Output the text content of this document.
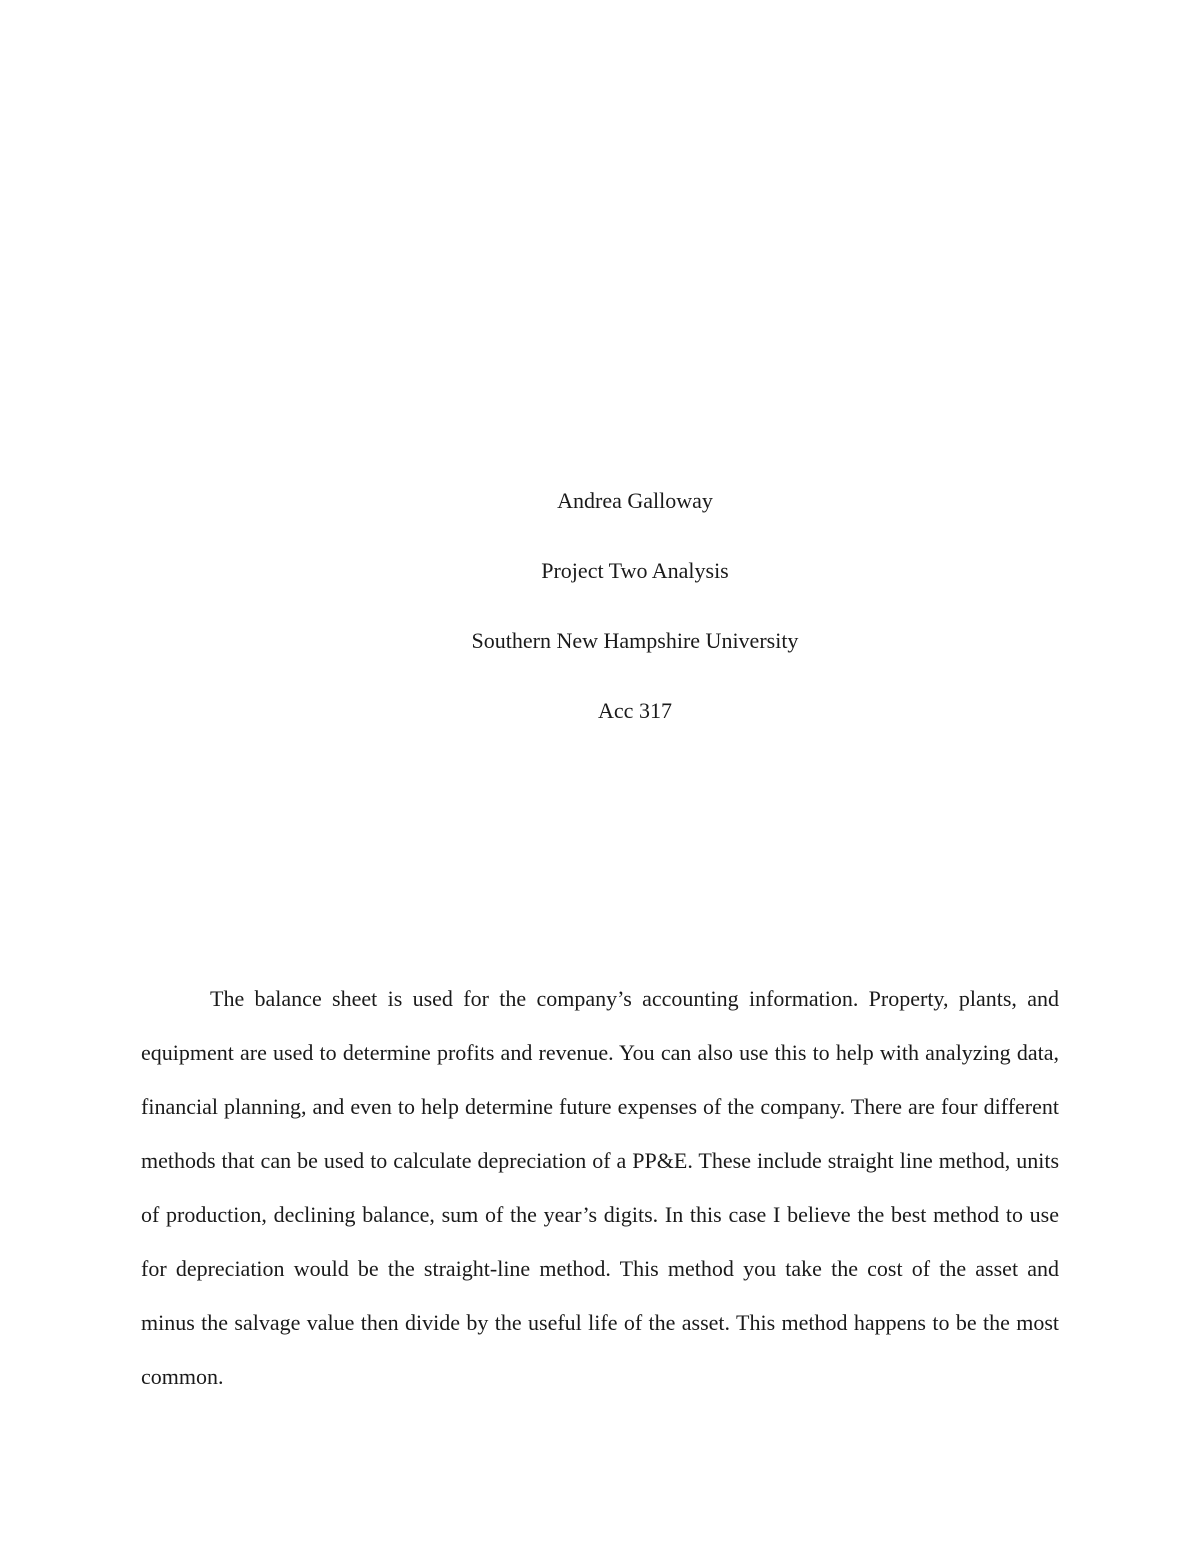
Andrea Galloway
Project Two Analysis
Southern New Hampshire University
Acc 317

The balance sheet is used for the company’s accounting information. Property, plants, and equipment are used to determine profits and revenue. You can also use this to help with analyzing data, financial planning, and even to help determine future expenses of the company. There are four different methods that can be used to calculate depreciation of a PP&E. These include straight line method, units of production, declining balance, sum of the year’s digits. In this case I believe the best method to use for depreciation would be the straight-line method. This method you take the cost of the asset and minus the salvage value then divide by the useful life of the asset. This method happens to be the most common.
